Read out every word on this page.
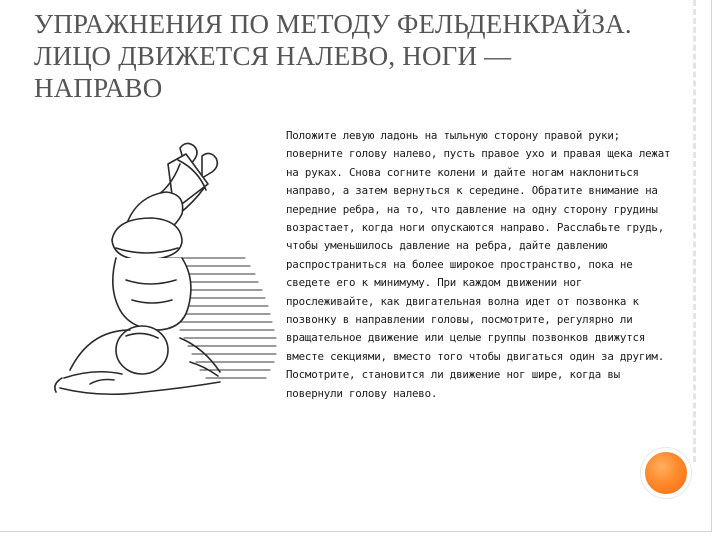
УПРАЖНЕНИЯ ПО МЕТОДУ ФЕЛЬДЕНКРАЙЗА. ЛИЦО ДВИЖЕТСЯ НАЛЕВО, НОГИ — НАПРАВО

Положите левую ладонь на тыльную сторону правой руки; поверните голову налево, пусть правое ухо и правая щека лежат на руках. Снова согните колени и дайте ногам наклониться направо, а затем вернуться к середине. Обратите внимание на передние ребра, на то, что давление на одну сторону грудины возрастает, когда ноги опускаются направо. Расслабьте грудь, чтобы уменьшилось давление на ребра, дайте давлению распространиться на более широкое пространство, пока не сведете его к минимуму. При каждом движении ног прослеживайте, как двигательная волна идет от позвонка к позвонку в направлении головы, посмотрите, регулярно ли вращательное движение или целые группы позвонков движутся вместе секциями, вместо того чтобы двигаться один за другим. Посмотрите, становится ли движение ног шире, когда вы повернули голову налево.
